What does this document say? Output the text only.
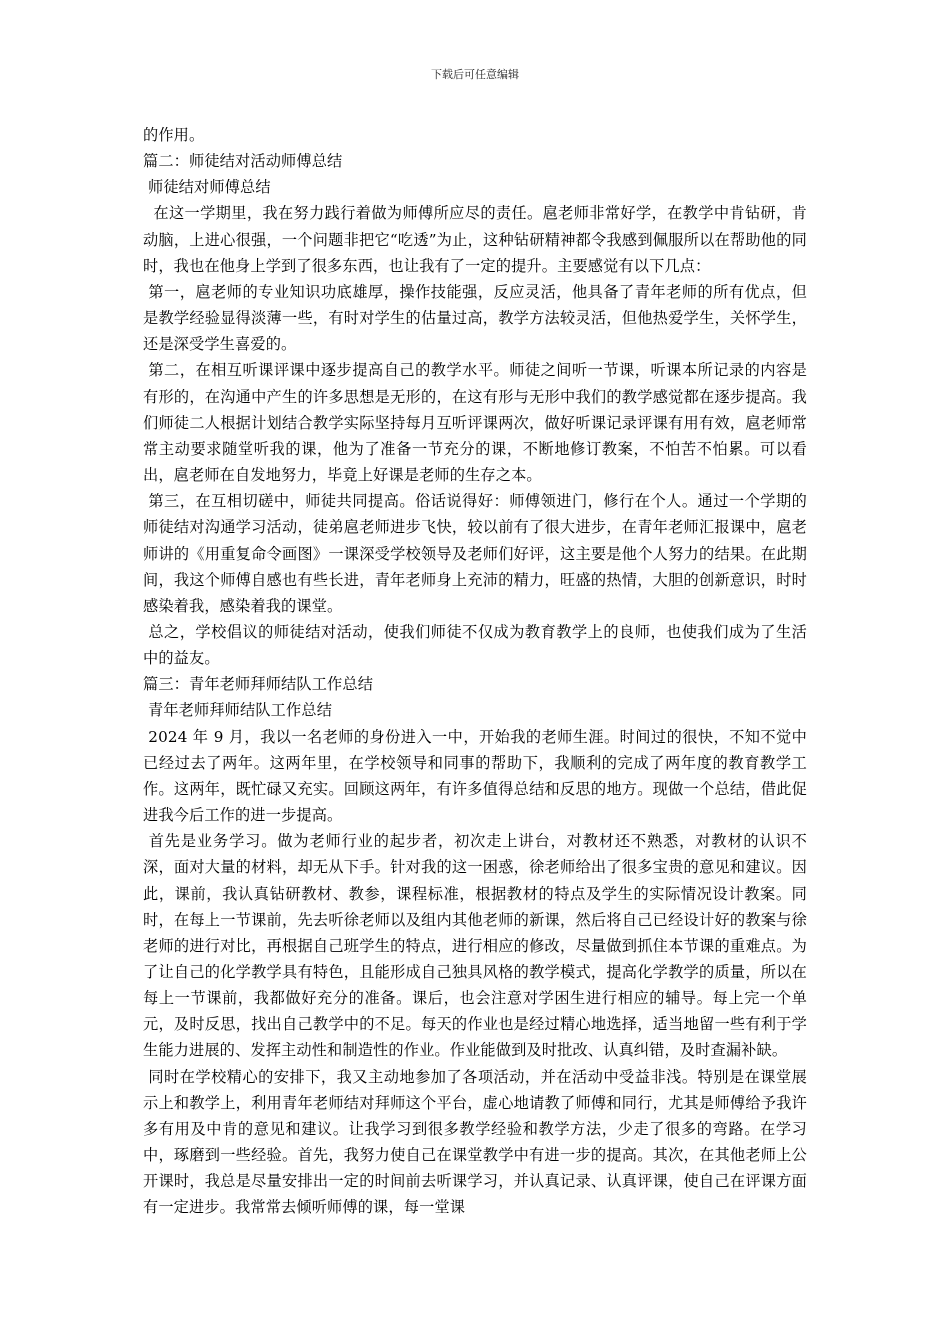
下载后可任意编辑

的作用。

篇二：师徒结对活动师傅总结

师徒结对师傅总结

在这一学期里，我在努力践行着做为师傅所应尽的责任。扈老师非常好学，在教学中肯钻研，肯动脑，上进心很强，一个问题非把它“吃透”为止，这种钻研精神都令我感到佩服所以在帮助他的同时，我也在他身上学到了很多东西，也让我有了一定的提升。主要感觉有以下几点：

第一，扈老师的专业知识功底雄厚，操作技能强，反应灵活，他具备了青年老师的所有优点，但是教学经验显得淡薄一些，有时对学生的估量过高，教学方法较灵活，但他热爱学生，关怀学生，还是深受学生喜爱的。

第二，在相互听课评课中逐步提高自己的教学水平。师徒之间听一节课，听课本所记录的内容是有形的，在沟通中产生的许多思想是无形的，在这有形与无形中我们的教学感觉都在逐步提高。我们师徒二人根据计划结合教学实际坚持每月互听评课两次，做好听课记录评课有用有效，扈老师常常主动要求随堂听我的课，他为了准备一节充分的课，不断地修订教案，不怕苦不怕累。可以看出，扈老师在自发地努力，毕竟上好课是老师的生存之本。

第三，在互相切磋中，师徒共同提高。俗话说得好：师傅领进门，修行在个人。通过一个学期的师徒结对沟通学习活动，徒弟扈老师进步飞快，较以前有了很大进步，在青年老师汇报课中，扈老师讲的《用重复命令画图》一课深受学校领导及老师们好评，这主要是他个人努力的结果。在此期间，我这个师傅自感也有些长进，青年老师身上充沛的精力，旺盛的热情，大胆的创新意识，时时感染着我，感染着我的课堂。

总之，学校倡议的师徒结对活动，使我们师徒不仅成为教育教学上的良师，也使我们成为了生活中的益友。

篇三：青年老师拜师结队工作总结

青年老师拜师结队工作总结

2024 年 9 月，我以一名老师的身份进入一中，开始我的老师生涯。时间过的很快，不知不觉中已经过去了两年。这两年里，在学校领导和同事的帮助下，我顺利的完成了两年度的教育教学工作。这两年，既忙碌又充实。回顾这两年，有许多值得总结和反思的地方。现做一个总结，借此促进我今后工作的进一步提高。

首先是业务学习。做为老师行业的起步者，初次走上讲台，对教材还不熟悉，对教材的认识不深，面对大量的材料，却无从下手。针对我的这一困惑，徐老师给出了很多宝贵的意见和建议。因此，课前，我认真钻研教材、教参，课程标准，根据教材的特点及学生的实际情况设计教案。同时，在每上一节课前，先去听徐老师以及组内其他老师的新课，然后将自己已经设计好的教案与徐老师的进行对比，再根据自己班学生的特点，进行相应的修改，尽量做到抓住本节课的重难点。为了让自己的化学教学具有特色，且能形成自己独具风格的教学模式，提高化学教学的质量，所以在每上一节课前，我都做好充分的准备。课后，也会注意对学困生进行相应的辅导。每上完一个单元，及时反思，找出自己教学中的不足。每天的作业也是经过精心地选择，适当地留一些有利于学生能力进展的、发挥主动性和制造性的作业。作业能做到及时批改、认真纠错，及时查漏补缺。

同时在学校精心的安排下，我又主动地参加了各项活动，并在活动中受益非浅。特别是在课堂展示上和教学上，利用青年老师结对拜师这个平台，虚心地请教了师傅和同行，尤其是师傅给予我许多有用及中肯的意见和建议。让我学习到很多教学经验和教学方法，少走了很多的弯路。在学习中，琢磨到一些经验。首先，我努力使自己在课堂教学中有进一步的提高。其次，在其他老师上公开课时，我总是尽量安排出一定的时间前去听课学习，并认真记录、认真评课，使自己在评课方面有一定进步。我常常去倾听师傅的课，每一堂课
